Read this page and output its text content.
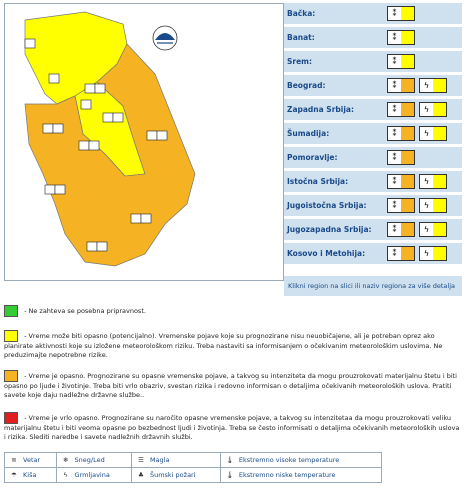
Bačka:	⁑
Banat:	⁑
Srem:	⁑
Beograd:	⁑	ϟ
Zapadna Srbija:	⁑	ϟ
Šumadija:	⁑	ϟ
Pomoravlje:	⁑
Istočna Srbija:	⁑	ϟ
Jugoistočna Srbija:	⁑	ϟ
Jugozapadna Srbija:	⁑	ϟ
Kosovo i Metohija:	⁑	ϟ
Klikni region na slici ili naziv regiona za više detalja
- Ne zahteva se posebna pripravnost.
- Vreme može biti opasno (potencijalno). Vremenske pojave koje su prognozirane nisu neuobičajene, ali je potreban oprez ako planirate aktivnosti koje su izložene meteorološkom riziku. Treba nastaviti sa informisanjem o očekivanim meteorološkim uslovima. Ne preduzimajte nepotrebne rizike.
- Vreme je opasno. Prognozirane su opasne vremenske pojave, a takvog su intenziteta da mogu prouzrokovati materijalnu štetu i biti opasno po ljude i životinje. Treba biti vrlo obazriv, svestan rizika i redovno informisan o detaljima očekivanih meteoroloških uslova. Pratiti savete koje daju nadležne državne službe..
- Vreme je vrlo opasno. Prognozirane su naročito opasne vremenske pojave, a takvog su intenzitetaa da mogu prouzrokovati veliku materijalnu štetu i biti veoma opasne po bezbednost ljudi i životinja. Treba se često informisati o detaljima očekivanih meteoroloških uslova i rizika. Slediti naredbe i savete nadležnih državnih službi.
≋ Vetar	❄ Sneg/Led	☰ Magla	🌡 Ekstremno visoke temperature
☂ Kiša	ϟ Grmljavina	♣ Šumski požari	🌡 Ekstremno niske temperature
